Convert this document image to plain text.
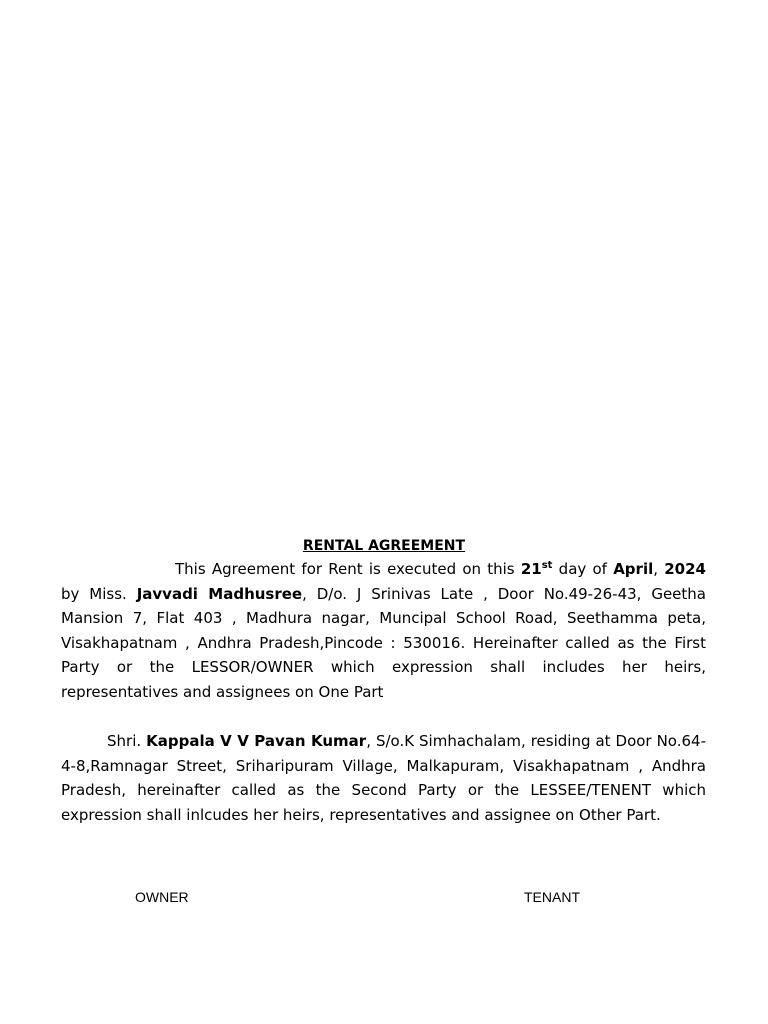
RENTAL AGREEMENT

This Agreement for Rent is executed on this 21st day of April, 2024 by Miss. Javvadi Madhusree, D/o. J Srinivas Late , Door No.49-26-43, Geetha Mansion 7, Flat 403 , Madhura nagar, Muncipal School Road, Seethamma peta, Visakhapatnam , Andhra Pradesh,Pincode : 530016. Hereinafter called as the First Party or the LESSOR/OWNER which expression shall includes her heirs, representatives and assignees on One Part

Shri. Kappala V V Pavan Kumar, S/o.K Simhachalam, residing at Door No.64-4-8,Ramnagar Street, Sriharipuram Village, Malkapuram, Visakhapatnam , Andhra Pradesh, hereinafter called as the Second Party or the LESSEE/TENENT which expression shall inlcudes her heirs, representatives and assignee on Other Part.

OWNER	TENANT
